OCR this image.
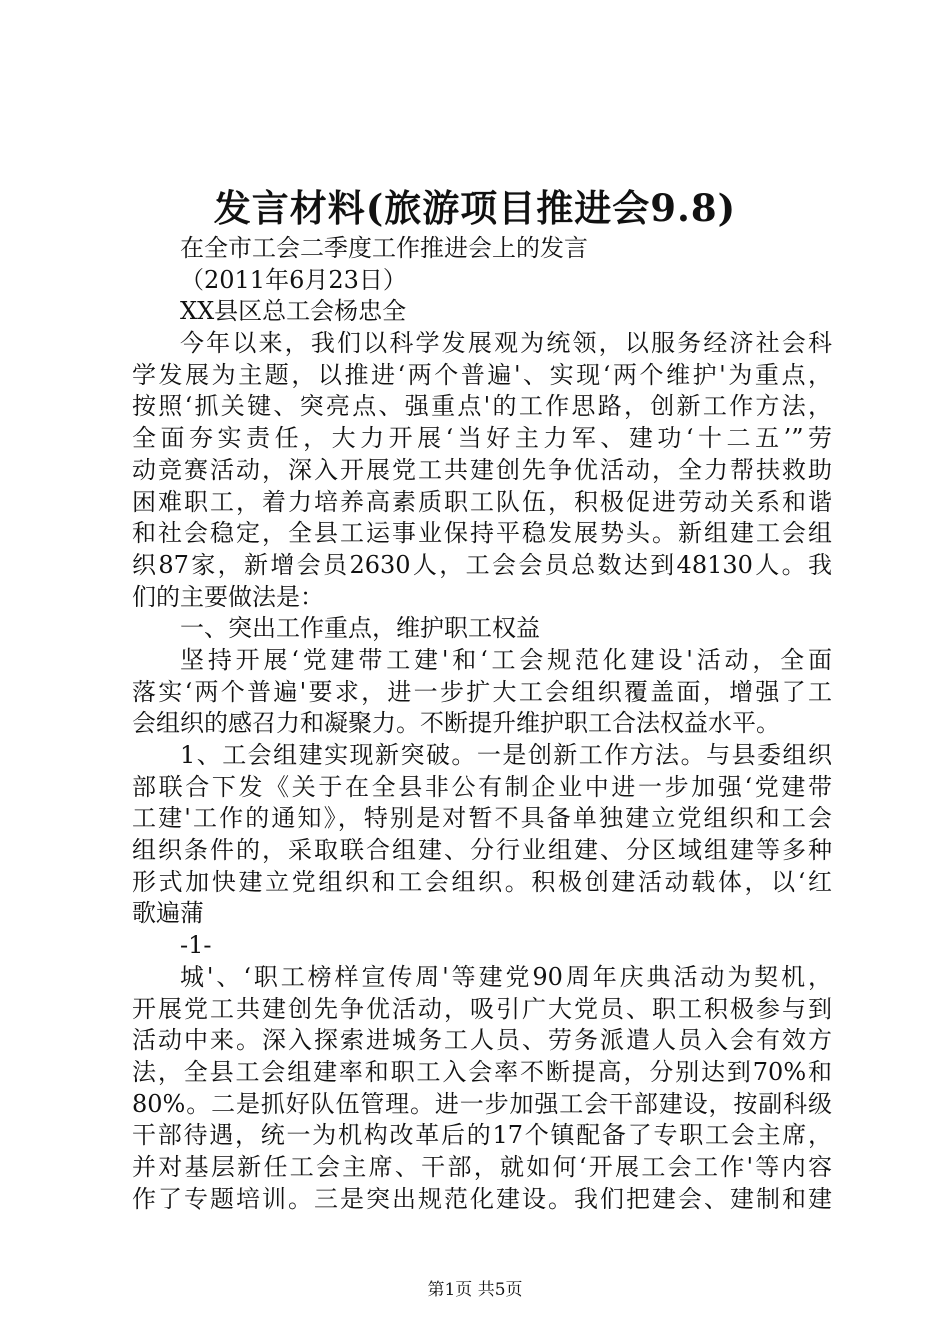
发言材料(旅游项目推进会9.8)
在全市工会二季度工作推进会上的发言
（2011年6月23日）
XX县区总工会杨忠全
今年以来，我们以科学发展观为统领，以服务经济社会科
学发展为主题，以推进‘两个普遍'、实现‘两个维护'为重点，
按照‘抓关键、突亮点、强重点'的工作思路，创新工作方法，
全面夯实责任，大力开展‘当好主力军、建功‘十二五’”劳
动竞赛活动，深入开展党工共建创先争优活动，全力帮扶救助
困难职工，着力培养高素质职工队伍，积极促进劳动关系和谐
和社会稳定，全县工运事业保持平稳发展势头。新组建工会组
织87家，新增会员2630人，工会会员总数达到48130人。我
们的主要做法是：
一、突出工作重点，维护职工权益
坚持开展‘党建带工建'和‘工会规范化建设'活动，全面
落实‘两个普遍'要求，进一步扩大工会组织覆盖面，增强了工
会组织的感召力和凝聚力。不断提升维护职工合法权益水平。
1、工会组建实现新突破。一是创新工作方法。与县委组织
部联合下发《关于在全县非公有制企业中进一步加强‘党建带
工建'工作的通知》，特别是对暂不具备单独建立党组织和工会
组织条件的，采取联合组建、分行业组建、分区域组建等多种
形式加快建立党组织和工会组织。积极创建活动载体，以‘红
歌遍蒲
-1-
城'、‘职工榜样宣传周'等建党90周年庆典活动为契机，
开展党工共建创先争优活动，吸引广大党员、职工积极参与到
活动中来。深入探索进城务工人员、劳务派遣人员入会有效方
法，全县工会组建率和职工入会率不断提高，分别达到70%和
80%。二是抓好队伍管理。进一步加强工会干部建设，按副科级
干部待遇，统一为机构改革后的17个镇配备了专职工会主席，
并对基层新任工会主席、干部，就如何‘开展工会工作'等内容
作了专题培训。三是突出规范化建设。我们把建会、建制和建
第1页 共5页
